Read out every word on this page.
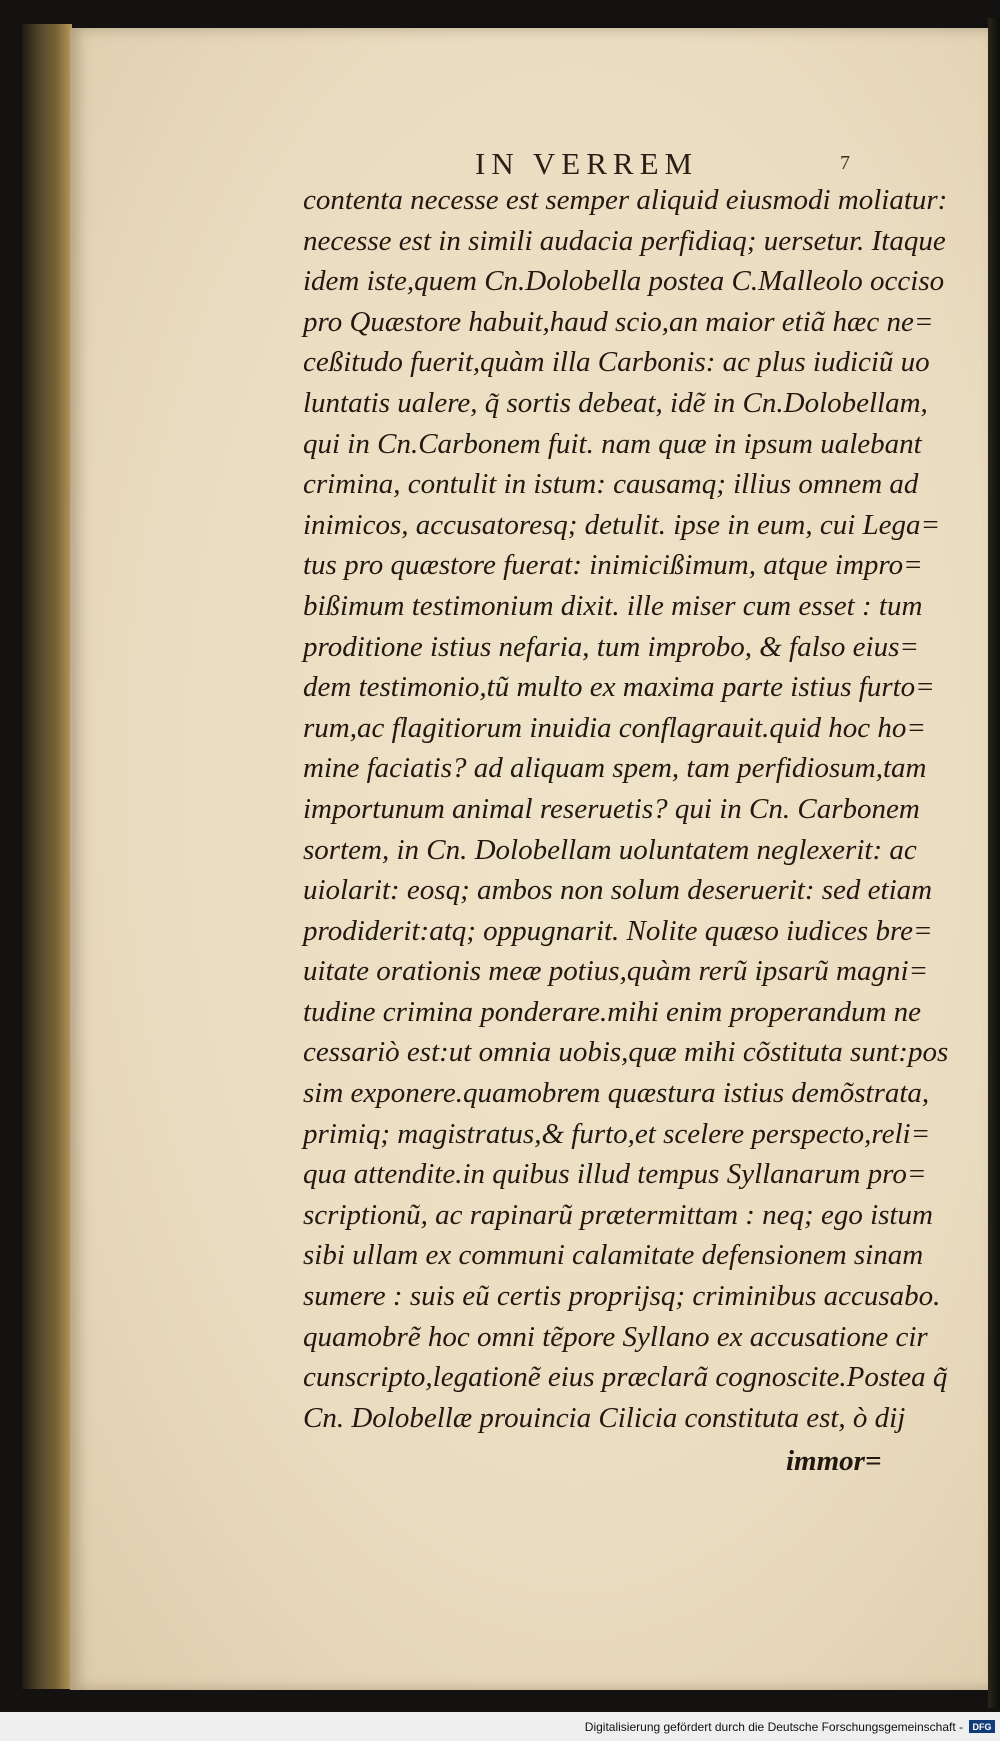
IN VERREM	7
contenta necesse est semper aliquid eiusmodi moliatur:
necesse est in simili audacia perfidiaq; uersetur. Itaque
idem iste,quem Cn.Dolobella postea C.Malleolo occiso
pro Quæstore habuit,haud scio,an maior etiã hæc ne=
ceßitudo fuerit,quàm illa Carbonis: ac plus iudiciũ uo
luntatis ualere, q̃ sortis debeat, idẽ in Cn.Dolobellam,
qui in Cn.Carbonem fuit. nam quæ in ipsum ualebant
crimina, contulit in istum: causamq; illius omnem ad
inimicos, accusatoresq; detulit. ipse in eum, cui Lega=
tus pro quæstore fuerat: inimicißimum, atque impro=
bißimum testimonium dixit. ille miser cum esset : tum
proditione istius nefaria, tum improbo, & falso eius=
dem testimonio,tũ multo ex maxima parte istius furto=
rum,ac flagitiorum inuidia conflagrauit.quid hoc ho=
mine faciatis? ad aliquam spem, tam perfidiosum,tam
importunum animal reseruetis? qui in Cn. Carbonem
sortem, in Cn. Dolobellam uoluntatem neglexerit: ac
uiolarit: eosq; ambos non solum deseruerit: sed etiam
prodiderit:atq; oppugnarit. Nolite quæso iudices bre=
uitate orationis meæ potius,quàm rerũ ipsarũ magni=
tudine crimina ponderare.mihi enim properandum ne
cessariò est:ut omnia uobis,quæ mihi cõstituta sunt:pos
sim exponere.quamobrem quæstura istius demõstrata,
primiq; magistratus,& furto,et scelere perspecto,reli=
qua attendite.in quibus illud tempus Syllanarum pro=
scriptionũ, ac rapinarũ prætermittam : neq; ego istum
sibi ullam ex communi calamitate defensionem sinam
sumere : suis eũ certis proprijsq; criminibus accusabo.
quamobrẽ hoc omni tẽpore Syllano ex accusatione cir
cunscripto,legationẽ eius præclarã cognoscite.Postea q̃
Cn. Dolobellæ prouincia Cilicia constituta est, ò dij
immor=
Digitalisierung gefördert durch die Deutsche Forschungsgemeinschaft -	DFG
